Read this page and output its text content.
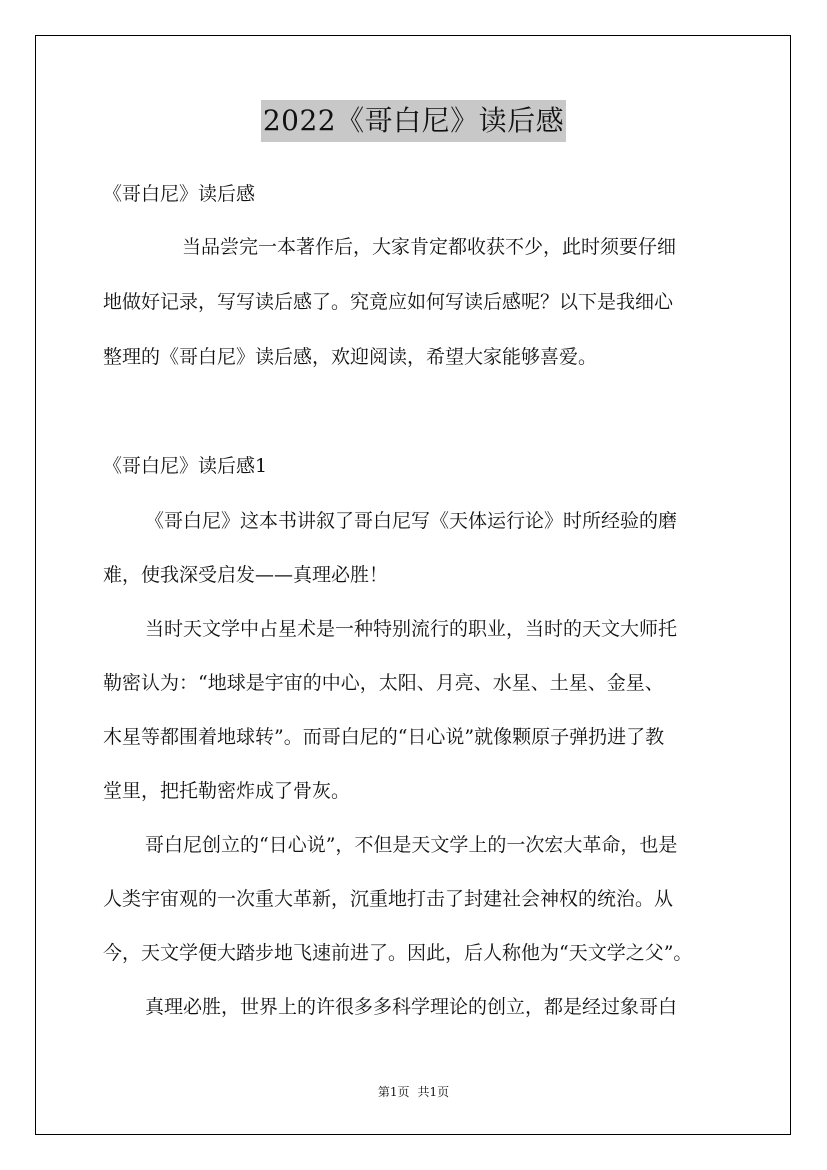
2022《哥白尼》读后感
《哥白尼》读后感
当品尝完一本著作后，大家肯定都收获不少，此时须要仔细
地做好记录，写写读后感了。究竟应如何写读后感呢？以下是我细心
整理的《哥白尼》读后感，欢迎阅读，希望大家能够喜爱。
《哥白尼》读后感1
《哥白尼》这本书讲叙了哥白尼写《天体运行论》时所经验的磨
难，使我深受启发——真理必胜！
当时天文学中占星术是一种特别流行的职业，当时的天文大师托
勒密认为：“地球是宇宙的中心，太阳、月亮、水星、土星、金星、
木星等都围着地球转”。而哥白尼的“日心说”就像颗原子弹扔进了教
堂里，把托勒密炸成了骨灰。
哥白尼创立的“日心说”，不但是天文学上的一次宏大革命，也是
人类宇宙观的一次重大革新，沉重地打击了封建社会神权的统治。从
今，天文学便大踏步地飞速前进了。因此，后人称他为“天文学之父”。
真理必胜，世界上的许很多多科学理论的创立，都是经过象哥白
第1页 共1页
